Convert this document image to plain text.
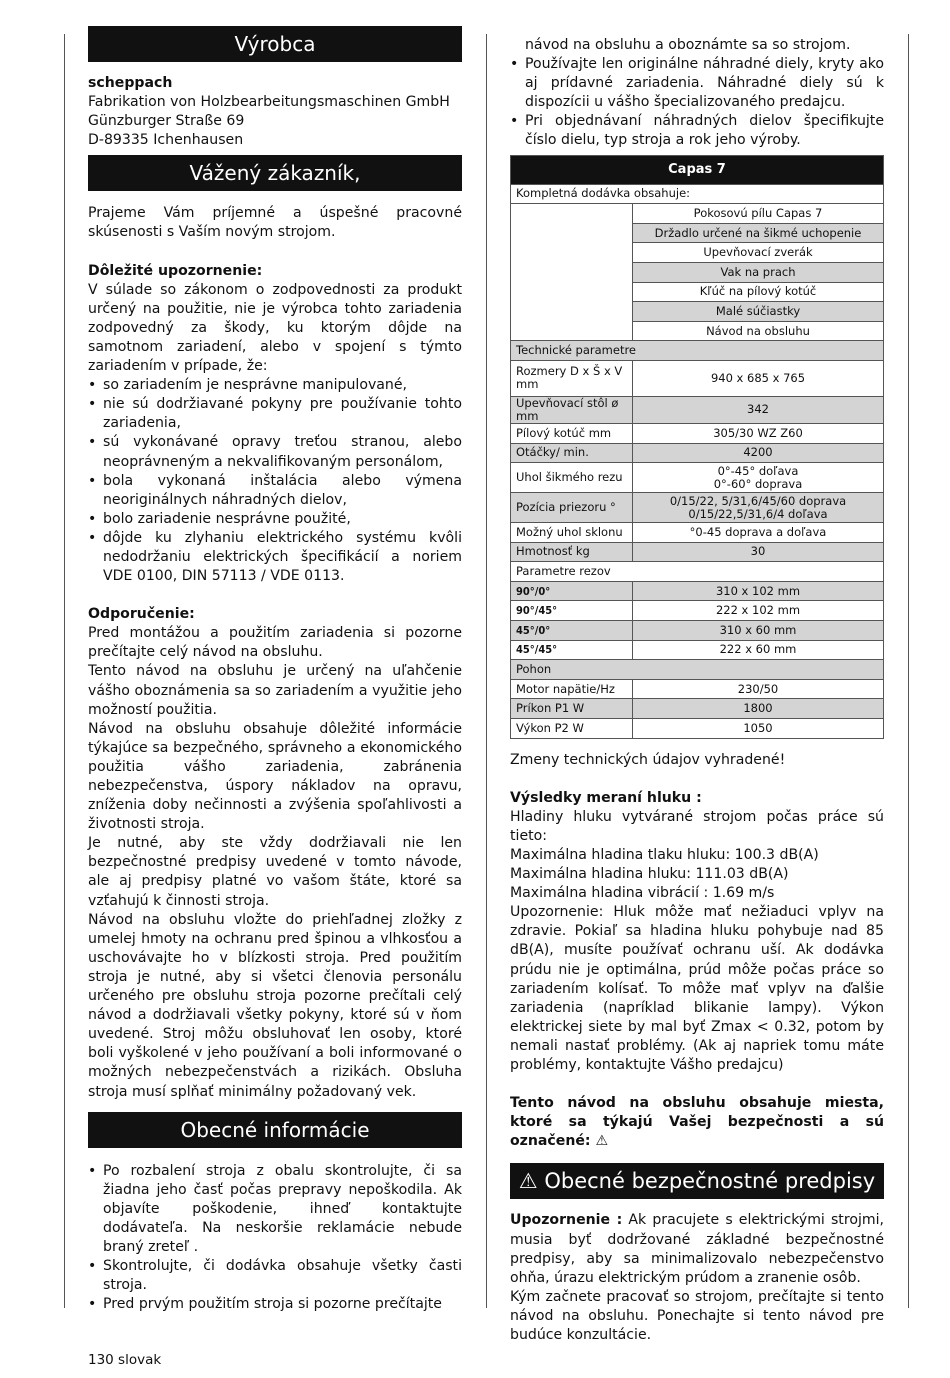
Výrobca
scheppach
Fabrikation von Holzbearbeitungsmaschinen GmbH
Günzburger Straße 69
D-89335 Ichenhausen
Vážený zákazník,
Prajeme Vám príjemné a úspešné pracovné skúsenosti s Vaším novým strojom.
Dôležité upozornenie:
V súlade so zákonom o zodpovednosti za produkt určený na použitie, nie je výrobca tohto zariadenia zodpovedný za škody, ku ktorým dôjde na samotnom zariadení, alebo v spojení s týmto zariadením v prípade, že:
• so zariadením je nesprávne manipulované,
• nie sú dodržiavané pokyny pre používanie tohto zariadenia,
• sú vykonávané opravy treťou stranou, alebo neoprávneným a nekvalifikovaným personálom,
• bola vykonaná inštalácia alebo výmena neoriginálnych náhradných dielov,
• bolo zariadenie nesprávne použité,
• dôjde ku zlyhaniu elektrického systému kvôli nedodržaniu elektrických špecifikácií a noriem VDE 0100, DIN 57113 / VDE 0113.
Odporučenie:
Pred montážou a použitím zariadenia si pozorne prečítajte celý návod na obsluhu.
Tento návod na obsluhu je určený na uľahčenie vášho oboznámenia sa so zariadením a využitie jeho možností použitia.
Návod na obsluhu obsahuje dôležité informácie týkajúce sa bezpečného, správneho a ekonomického použitia vášho zariadenia, zabránenia nebezpečenstva, úspory nákladov na opravu, zníženia doby nečinnosti a zvýšenia spoľahlivosti a životnosti stroja.
Je nutné, aby ste vždy dodržiavali nie len bezpečnostné predpisy uvedené v tomto návode, ale aj predpisy platné vo vašom štáte, ktoré sa vzťahujú k činnosti stroja.
Návod na obsluhu vložte do priehľadnej zložky z umelej hmoty na ochranu pred špinou a vlhkosťou a uschovávajte ho v blízkosti stroja. Pred použitím stroja je nutné, aby si všetci členovia personálu určeného pre obsluhu stroja pozorne prečítali celý návod a dodržiavali všetky pokyny, ktoré sú v ňom uvedené. Stroj môžu obsluhovať len osoby, ktoré boli vyškolené v jeho používaní a boli informované o možných nebezpečenstvách a rizikách. Obsluha stroja musí splňať minimálny požadovaný vek.
Obecné informácie
• Po rozbalení stroja z obalu skontrolujte, či sa žiadna jeho časť počas prepravy nepoškodila. Ak objavíte poškodenie, ihneď kontaktujte dodávateľa. Na neskoršie reklamácie nebude braný zreteľ .
• Skontrolujte, či dodávka obsahuje všetky časti stroja.
• Pred prvým použitím stroja si pozorne prečítajte
návod na obsluhu a oboznámte sa so strojom.
• Používajte len originálne náhradné diely, kryty ako aj prídavné zariadenia. Náhradné diely sú k dispozícii u vášho špecializovaného predajcu.
• Pri objednávaní náhradných dielov špecifikujte číslo dielu, typ stroja a rok jeho výroby.
Capas 7	
Kompletná dodávka obsahuje:	
	Pokosovú pílu Capas 7
	Držadlo určené na šikmé uchopenie
	Upevňovací zverák
	Vak na prach
	Kľúč na pílový kotúč
	Malé súčiastky
	Návod na obsluhu
Technické parametre	
Rozmery D x Š x V mm	940 x 685 x 765
Upevňovací stôl ø mm	342
Pílový kotúč mm	305/30 WZ Z60
Otáčky/ min.	4200
Uhol šikmého rezu	0°-45° doľava
0°-60° doprava

Pozícia priezoru °	0/15/22, 5/31,6/45/60 doprava
0/15/22,5/31,6/4 doľava

Možný uhol sklonu	°0-45 doprava a doľava
Hmotnosť kg	30
Parametre rezov	
90°/0°	310 x 102 mm
90°/45°	222 x 102 mm
45°/0°	310 x 60 mm
45°/45°	222 x 60 mm
Pohon	
Motor napätie/Hz	230/50
Príkon P1 W	1800
Výkon P2 W	1050
Zmeny technických údajov vyhradené!
Výsledky meraní hluku :
Hladiny hluku vytvárané strojom počas práce sú tieto:
Maximálna hladina tlaku hluku: 100.3 dB(A)
Maximálna hladina hluku: 111.03 dB(A)
Maximálna hladina vibrácií : 1.69 m/s
Upozornenie: Hluk môže mať nežiaduci vplyv na zdravie. Pokiaľ sa hladina hluku pohybuje nad 85 dB(A), musíte používať ochranu uší. Ak dodávka prúdu nie je optimálna, prúd môže počas práce so zariadením kolísať. To môže mať vplyv na ďalšie zariadenia (napríklad blikanie lampy). Výkon elektrickej siete by mal byť Zmax < 0.32, potom by nemali nastať problémy. (Ak aj napriek tomu máte problémy, kontaktujte Vášho predajcu)
Tento návod na obsluhu obsahuje miesta, ktoré sa týkajú Vašej bezpečnosti a sú označené: ⚠
⚠ Obecné bezpečnostné predpisy
Upozornenie : Ak pracujete s elektrickými strojmi, musia byť dodržované základné bezpečnostné predpisy, aby sa minimalizovalo nebezpečenstvo ohňa, úrazu elektrickým prúdom a zranenie osôb.
Kým začnete pracovať so strojom, prečítajte si tento návod na obsluhu. Ponechajte si tento návod pre budúce konzultácie.
130 slovak
